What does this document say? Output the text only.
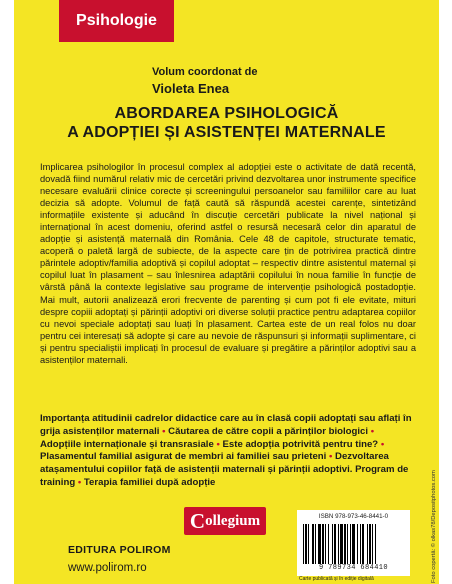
Psihologie
Volum coordonat de
Violeta Enea
ABORDAREA PSIHOLOGICĂ
A ADOPȚIEI ȘI ASISTENȚEI MATERNALE

Implicarea psihologilor în procesul complex al adopției este o activitate de dată recentă, dovadă fiind numărul relativ mic de cercetări privind dezvoltarea unor instrumente specifice necesare evaluării clinice corecte și screeningului persoanelor sau familiilor care au luat decizia să adopte. Volumul de față caută să răspundă acestei carențe, sintetizând informațiile existente și aducând în discuție cercetări publicate la nivel național și internațional în acest domeniu, oferind astfel o resursă necesară celor din aparatul de adopție și asistență maternală din România. Cele 48 de capitole, structurate tematic, acoperă o paletă largă de subiecte, de la aspecte care țin de potrivirea practică dintre părintele adoptiv/familia adoptivă și copilul adoptat – respectiv dintre asistentul maternal și copilul luat în plasament – sau înlesnirea adaptării copilului în noua familie în funcție de vârstă până la contexte legislative sau programe de intervenție psihologică postadopție. Mai mult, autorii analizează erori frecvente de parenting și cum pot fi ele evitate, mituri despre copiii adoptați și părinții adoptivi ori diverse soluții practice pentru adaptarea copiilor cu nevoi speciale adoptați sau luați în plasament. Cartea este de un real folos nu doar pentru cei interesați să adopte și care au nevoie de răspunsuri și informații suplimentare, ci și pentru specialiștii implicați în procesul de evaluare și pregătire a părinților adoptivi sau a asistenților maternali.

Importanța atitudinii cadrelor didactice care au în clasă copii adoptați sau aflați în grija asistenților maternali • Căutarea de către copii a părinților biologici • Adopțiile internaționale și transrasiale • Este adopția potrivită pentru tine? • Plasamentul familial asigurat de membri ai familiei sau prieteni • Dezvoltarea atașamentului copiilor față de asistenții maternali și părinții adoptivi. Program de training • Terapia familiei după adopție

C ollegium
EDITURA POLIROM
www.polirom.ro
ISBN 978-973-46-8441-0
9 789734 684410
Carte publicată și în ediție digitală	Foto copertă: © olkas78/Depositphotos.com
